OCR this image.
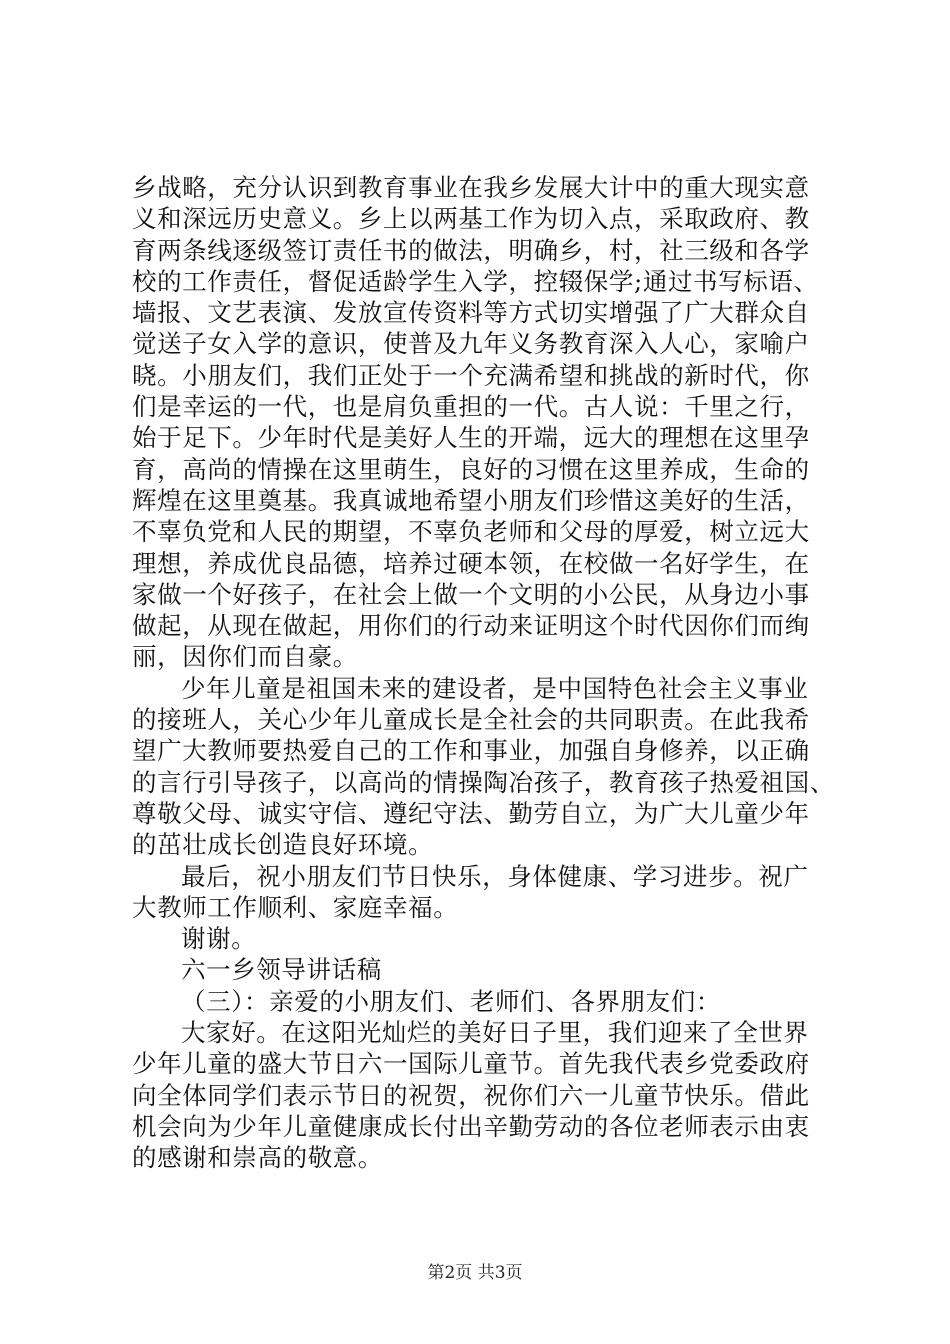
乡战略，充分认识到教育事业在我乡发展大计中的重大现实意
义和深远历史意义。乡上以两基工作为切入点，采取政府、教
育两条线逐级签订责任书的做法，明确乡，村，社三级和各学
校的工作责任，督促适龄学生入学，控辍保学;通过书写标语、
墙报、文艺表演、发放宣传资料等方式切实增强了广大群众自
觉送子女入学的意识，使普及九年义务教育深入人心，家喻户
晓。小朋友们，我们正处于一个充满希望和挑战的新时代，你
们是幸运的一代，也是肩负重担的一代。古人说：千里之行，
始于足下。少年时代是美好人生的开端，远大的理想在这里孕
育，高尚的情操在这里萌生，良好的习惯在这里养成，生命的
辉煌在这里奠基。我真诚地希望小朋友们珍惜这美好的生活，
不辜负党和人民的期望，不辜负老师和父母的厚爱，树立远大
理想，养成优良品德，培养过硬本领，在校做一名好学生，在
家做一个好孩子，在社会上做一个文明的小公民，从身边小事
做起，从现在做起，用你们的行动来证明这个时代因你们而绚
丽，因你们而自豪。
少年儿童是祖国未来的建设者，是中国特色社会主义事业
的接班人，关心少年儿童成长是全社会的共同职责。在此我希
望广大教师要热爱自己的工作和事业，加强自身修养，以正确
的言行引导孩子，以高尚的情操陶冶孩子，教育孩子热爱祖国、
尊敬父母、诚实守信、遵纪守法、勤劳自立，为广大儿童少年
的茁壮成长创造良好环境。
最后，祝小朋友们节日快乐，身体健康、学习进步。祝广
大教师工作顺利、家庭幸福。
谢谢。
六一乡领导讲话稿
（三）：亲爱的小朋友们、老师们、各界朋友们：
大家好。在这阳光灿烂的美好日子里，我们迎来了全世界
少年儿童的盛大节日六一国际儿童节。首先我代表乡党委政府
向全体同学们表示节日的祝贺，祝你们六一儿童节快乐。借此
机会向为少年儿童健康成长付出辛勤劳动的各位老师表示由衷
的感谢和崇高的敬意。
第2页 共3页
